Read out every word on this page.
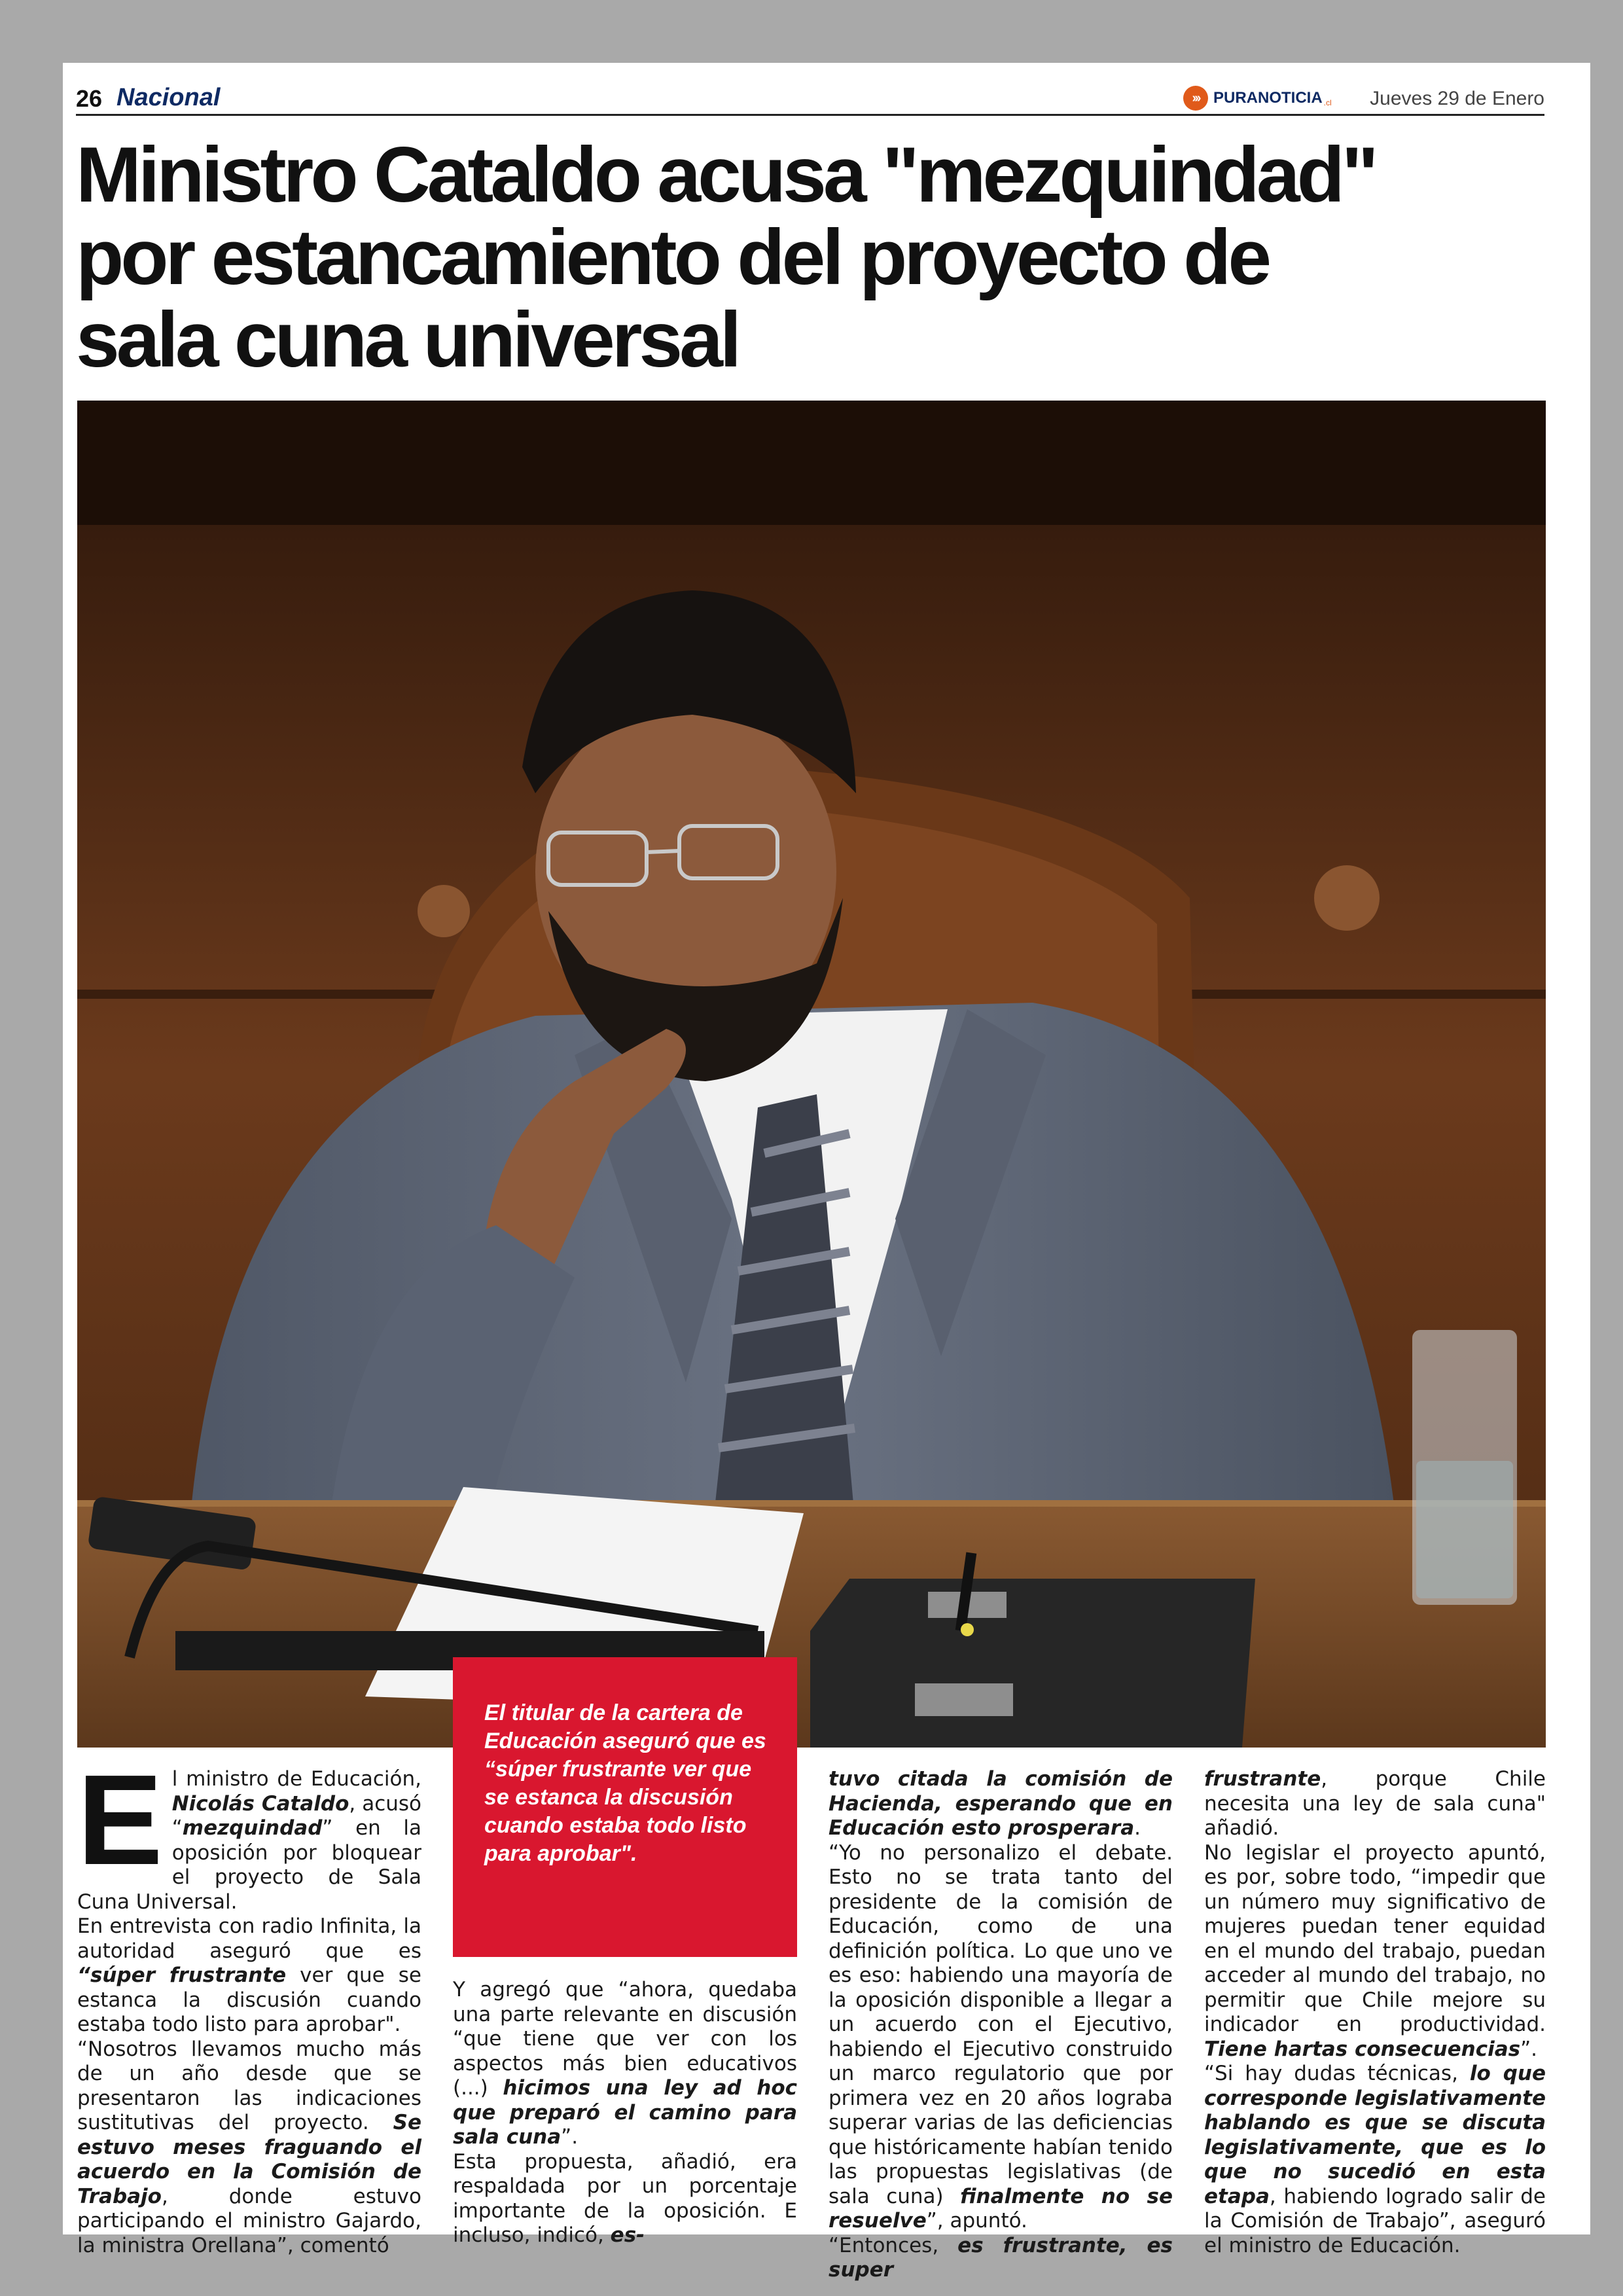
26 Nacional	››› PURANOTICIA .cl Jueves 29 de Enero
Ministro Cataldo acusa "mezquindad"
por estancamiento del proyecto de
sala cuna universal
El titular de la cartera de Educación aseguró que es “súper frustrante ver que se estanca la discusión cuando estaba todo listo para aprobar".

E l ministro de Educación, Nicolás Cataldo, acusó “mezquindad” en la oposición por bloquear el proyecto de Sala Cuna Universal.

En entrevista con radio Infinita, la autoridad aseguró que es “súper frustrante ver que se estanca la discusión cuando estaba todo listo para aprobar".

“Nosotros llevamos mucho más de un año desde que se presentaron las indicaciones sustitutivas del proyecto. Se estuvo meses fraguando el acuerdo en la Comisión de Trabajo, donde estuvo participando el ministro Gajardo, la ministra Orellana”, comentó

Y agregó que “ahora, quedaba una parte relevante en discusión “que tiene que ver con los aspectos más bien educativos (...) hicimos una ley ad hoc que preparó el camino para sala cuna”.

Esta propuesta, añadió, era respaldada por un porcentaje importante de la oposición. E incluso, indicó, es-

tuvo citada la comisión de Hacienda, esperando que en Educación esto prosperara.

“Yo no personalizo el debate. Esto no se trata tanto del presidente de la comisión de Educación, como de una definición política. Lo que uno ve es eso: habiendo una mayoría de la oposición disponible a llegar a un acuerdo con el Ejecutivo, habiendo el Ejecutivo construido un marco regulatorio que por primera vez en 20 años lograba superar varias de las deficiencias que históricamente habían tenido las propuestas legislativas (de sala cuna) finalmente no se resuelve”, apuntó.

“Entonces, es frustrante, es super

frustrante, porque Chile necesita una ley de sala cuna" añadió.

No legislar el proyecto apuntó, es por, sobre todo, “impedir que un número muy significativo de mujeres puedan tener equidad en el mundo del trabajo, puedan acceder al mundo del trabajo, no permitir que Chile mejore su indicador en productividad. Tiene hartas consecuencias”.

“Si hay dudas técnicas, lo que corresponde legislativamente hablando es que se discuta legislativamente, que es lo que no sucedió en esta etapa, habiendo logrado salir de la Comisión de Trabajo”, aseguró el ministro de Educación.
